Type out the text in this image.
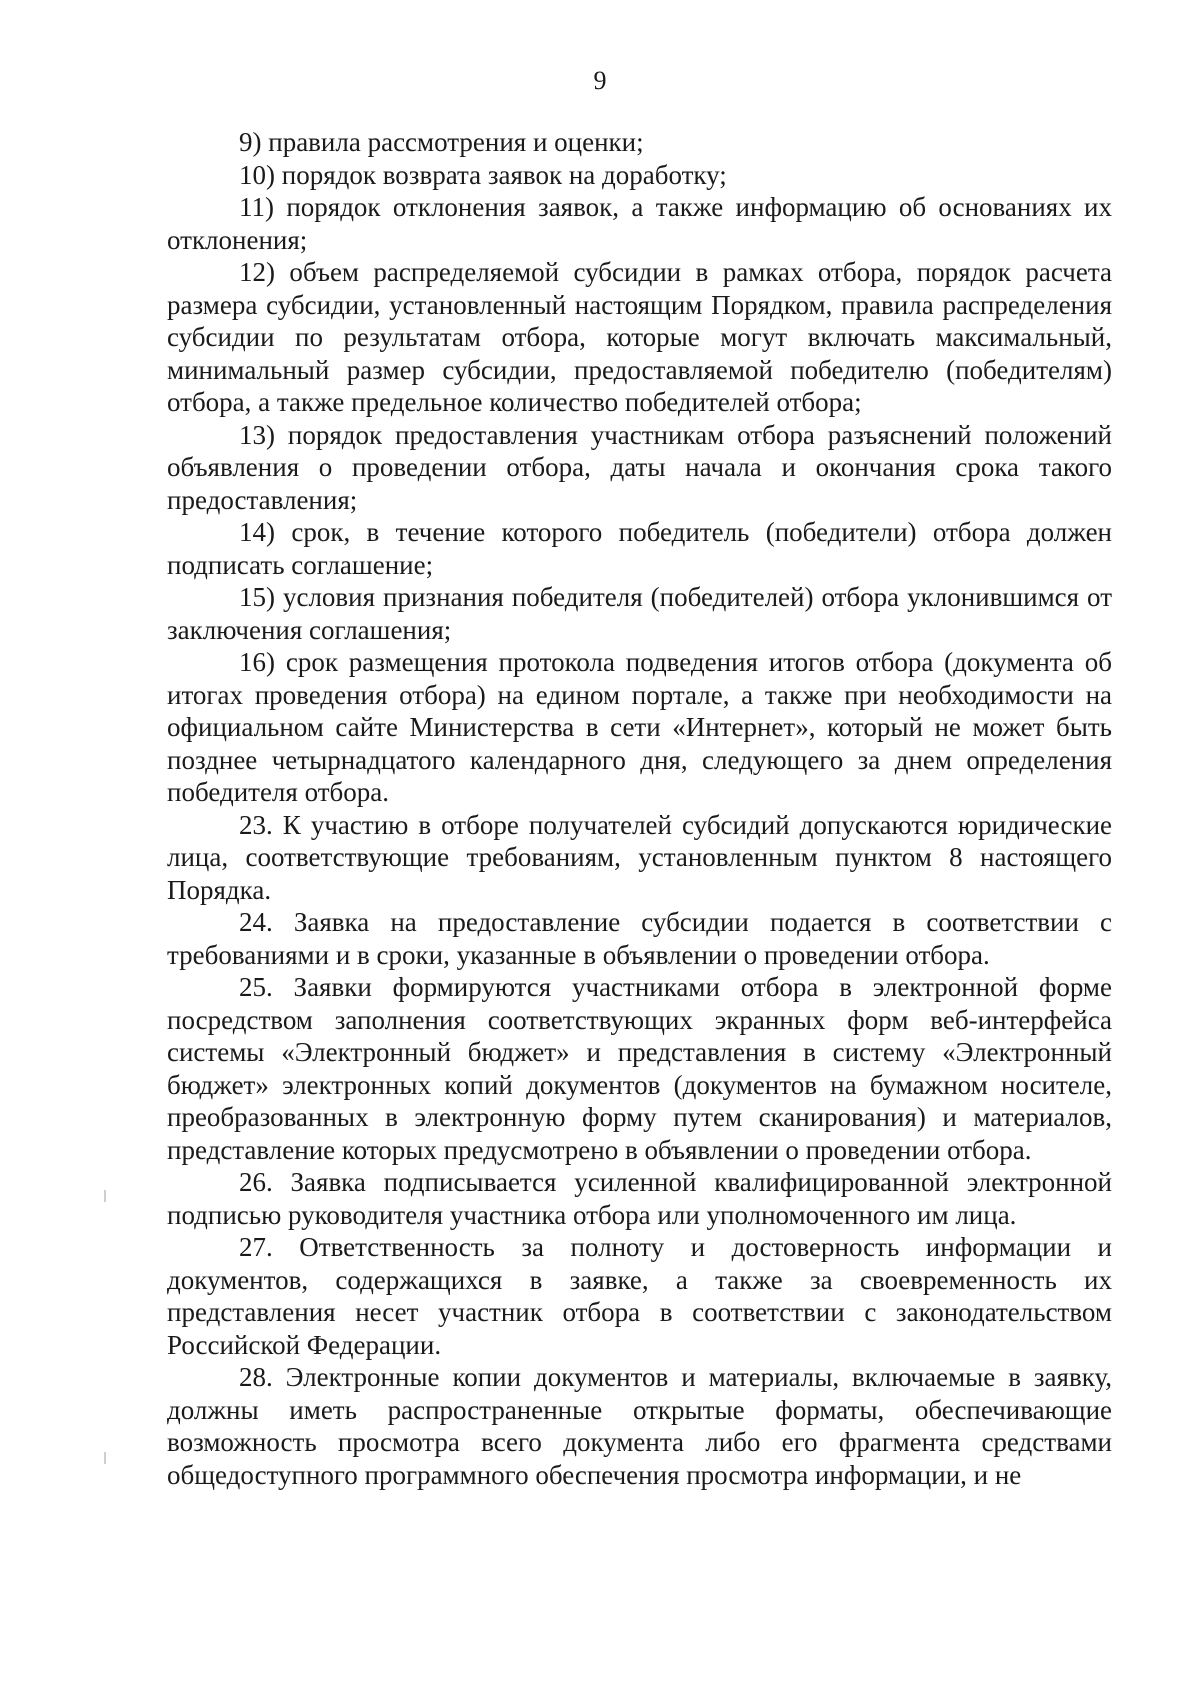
9

9) правила рассмотрения и оценки;

10) порядок возврата заявок на доработку;

11) порядок отклонения заявок, а также информацию об основаниях их отклонения;

12) объем распределяемой субсидии в рамках отбора, порядок расчета размера субсидии, установленный настоящим Порядком, правила распределения субсидии по результатам отбора, которые могут включать максимальный, минимальный размер субсидии, предоставляемой победителю (победителям) отбора, а также предельное количество победителей отбора;

13) порядок предоставления участникам отбора разъяснений положений объявления о проведении отбора, даты начала и окончания срока такого предоставления;

14) срок, в течение которого победитель (победители) отбора должен подписать соглашение;

15) условия признания победителя (победителей) отбора уклонившимся от заключения соглашения;

16) срок размещения протокола подведения итогов отбора (документа об итогах проведения отбора) на едином портале, а также при необходимости на официальном сайте Министерства в сети «Интернет», который не может быть позднее четырнадцатого календарного дня, следующего за днем определения победителя отбора.

23. К участию в отборе получателей субсидий допускаются юридические лица, соответствующие требованиям, установленным пунктом 8 настоящего Порядка.

24. Заявка на предоставление субсидии подается в соответствии с требованиями и в сроки, указанные в объявлении о проведении отбора.

25. Заявки формируются участниками отбора в электронной форме посредством заполнения соответствующих экранных форм веб-интерфейса системы «Электронный бюджет» и представления в систему «Электронный бюджет» электронных копий документов (документов на бумажном носителе, преобразованных в электронную форму путем сканирования) и материалов, представление которых предусмотрено в объявлении о проведении отбора.

26. Заявка подписывается усиленной квалифицированной электронной подписью руководителя участника отбора или уполномоченного им лица.

27. Ответственность за полноту и достоверность информации и документов, содержащихся в заявке, а также за своевременность их представления несет участник отбора в соответствии с законодательством Российской Федерации.

28. Электронные копии документов и материалы, включаемые в заявку, должны иметь распространенные открытые форматы, обеспечивающие возможность просмотра всего документа либо его фрагмента средствами общедоступного программного обеспечения просмотра информации, и не
